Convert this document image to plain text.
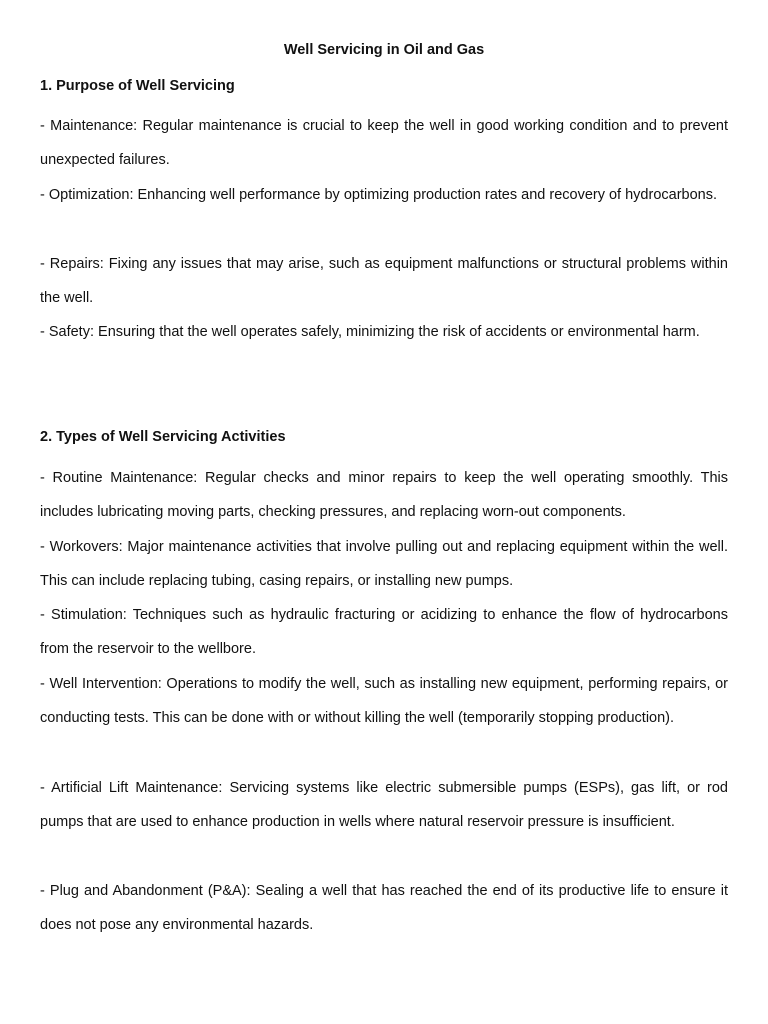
Well Servicing in Oil and Gas
1. Purpose of Well Servicing
- Maintenance: Regular maintenance is crucial to keep the well in good working condition and to prevent unexpected failures.
- Optimization: Enhancing well performance by optimizing production rates and recovery of hydrocarbons.
- Repairs: Fixing any issues that may arise, such as equipment malfunctions or structural problems within the well.
- Safety: Ensuring that the well operates safely, minimizing the risk of accidents or environmental harm.
2. Types of Well Servicing Activities
- Routine Maintenance: Regular checks and minor repairs to keep the well operating smoothly. This includes lubricating moving parts, checking pressures, and replacing worn-out components.
- Workovers: Major maintenance activities that involve pulling out and replacing equipment within the well. This can include replacing tubing, casing repairs, or installing new pumps.
- Stimulation: Techniques such as hydraulic fracturing or acidizing to enhance the flow of hydrocarbons from the reservoir to the wellbore.
- Well Intervention: Operations to modify the well, such as installing new equipment, performing repairs, or conducting tests. This can be done with or without killing the well (temporarily stopping production).
- Artificial Lift Maintenance: Servicing systems like electric submersible pumps (ESPs), gas lift, or rod pumps that are used to enhance production in wells where natural reservoir pressure is insufficient.
- Plug and Abandonment (P&A): Sealing a well that has reached the end of its productive life to ensure it does not pose any environmental hazards.
